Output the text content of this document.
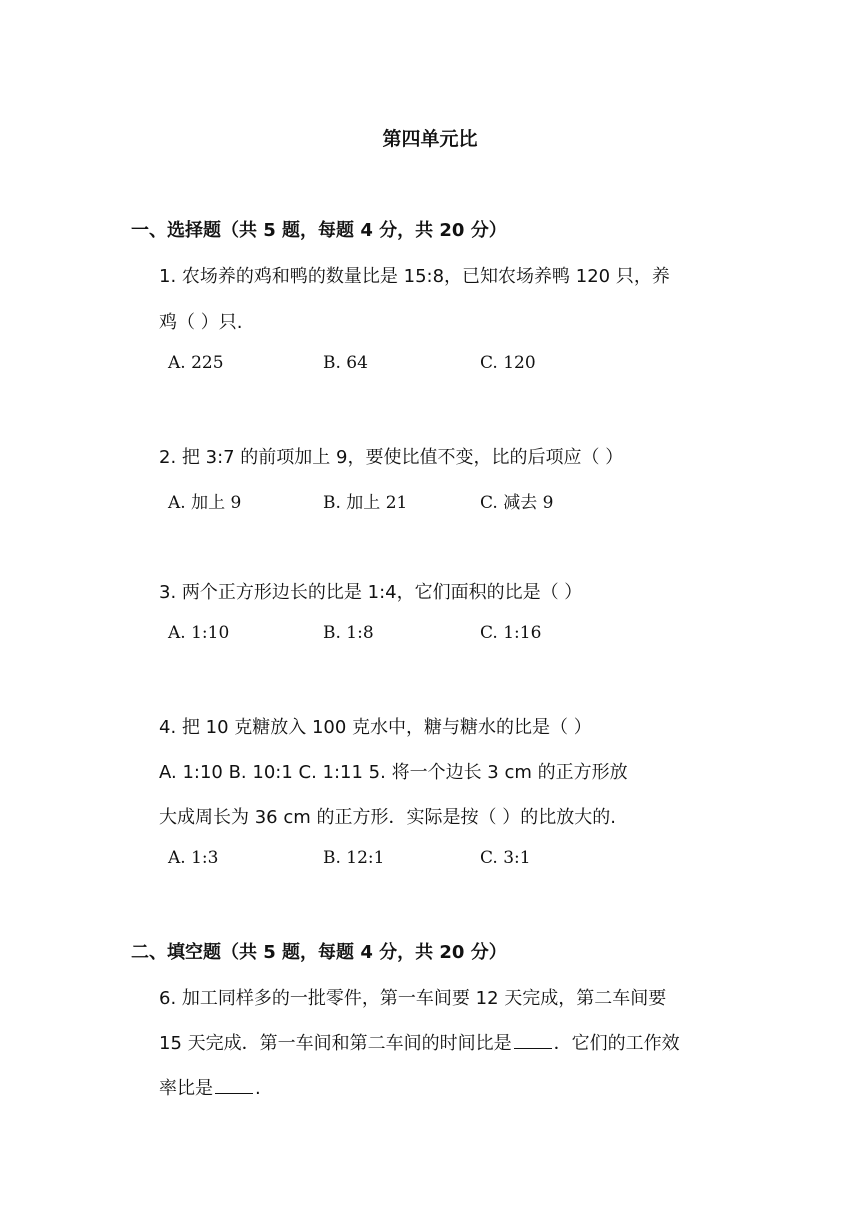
第四单元比
一、选择题（共 5 题，每题 4 分，共 20 分）
1. 农场养的鸡和鸭的数量比是 15:8，已知农场养鸭 120 只，养
鸡（ ）只.
A. 225	B. 64	C. 120
2. 把 3:7 的前项加上 9，要使比值不变，比的后项应（ ）
A. 加上 9	B. 加上 21	C. 减去 9
3. 两个正方形边长的比是 1:4，它们面积的比是（ ）
A. 1:10	B. 1:8	C. 1:16
4. 把 10 克糖放入 100 克水中，糖与糖水的比是（ ）
A. 1:10 B. 10:1 C. 1:11 5. 将一个边长 3 cm 的正方形放
大成周长为 36 cm 的正方形．实际是按（ ）的比放大的.
A. 1:3	B. 12:1	C. 3:1
二、填空题（共 5 题，每题 4 分，共 20 分）
6. 加工同样多的一批零件，第一车间要 12 天完成，第二车间要
15 天完成．第一车间和第二车间的时间比是 ．它们的工作效
率比是 .
